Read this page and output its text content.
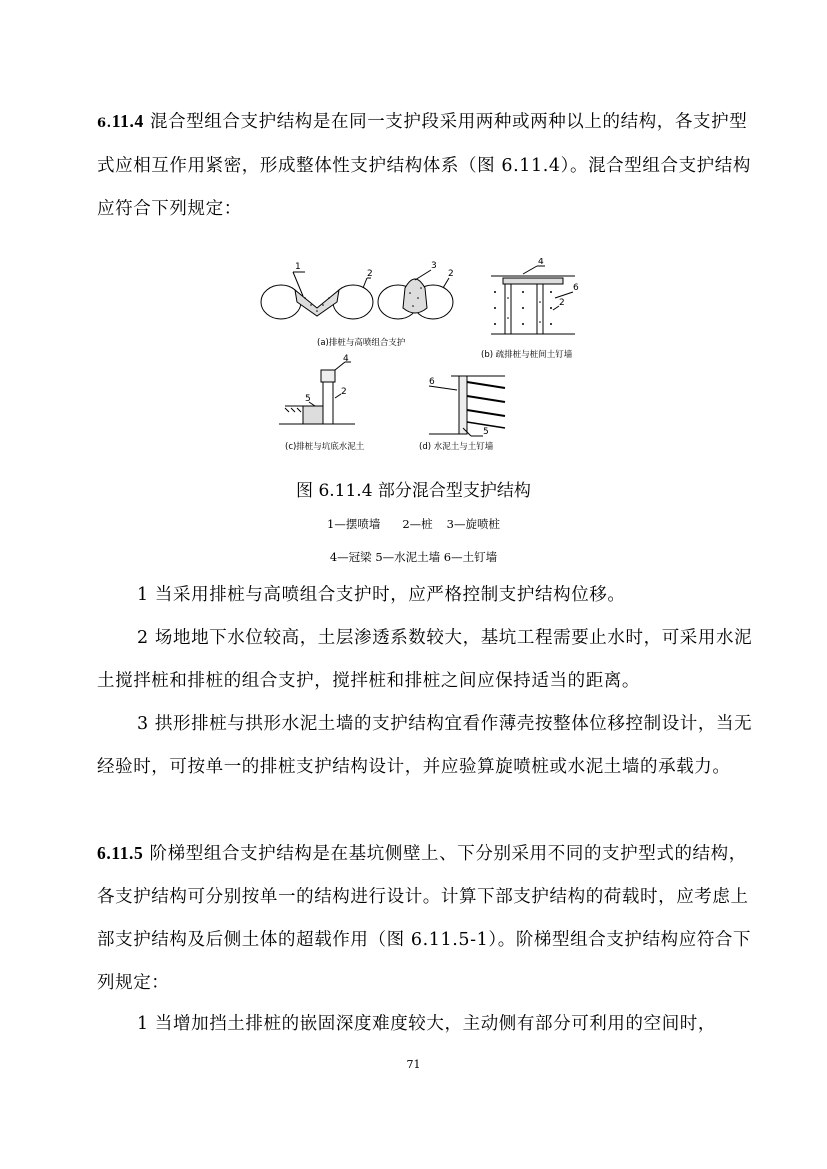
6.11.4 混合型组合支护结构是在同一支护段采用两种或两种以上的结构，各支护型式应相互作用紧密，形成整体性支护结构体系（图 6.11.4）。混合型组合支护结构应符合下列规定：
1
2
3
2
4
6
2
4
5
2
6
5
(a)排桩与高喷组合支护
(b) 疏排桩与桩间土钉墙
(c)排桩与坑底水泥土	(d) 水泥土与土钉墙
图 6.11.4 部分混合型支护结构
1—摆喷墙 2—桩 3—旋喷桩
4—冠梁 5—水泥土墙 6—土钉墙
1 当采用排桩与高喷组合支护时，应严格控制支护结构位移。
2 场地地下水位较高，土层渗透系数较大，基坑工程需要止水时，可采用水泥土搅拌桩和排桩的组合支护，搅拌桩和排桩之间应保持适当的距离。
3 拱形排桩与拱形水泥土墙的支护结构宜看作薄壳按整体位移控制设计，当无经验时，可按单一的排桩支护结构设计，并应验算旋喷桩或水泥土墙的承载力。
6.11.5 阶梯型组合支护结构是在基坑侧壁上、下分别采用不同的支护型式的结构，各支护结构可分别按单一的结构进行设计。计算下部支护结构的荷载时，应考虑上部支护结构及后侧土体的超载作用（图 6.11.5-1）。阶梯型组合支护结构应符合下列规定：
1 当增加挡土排桩的嵌固深度难度较大，主动侧有部分可利用的空间时，
71
